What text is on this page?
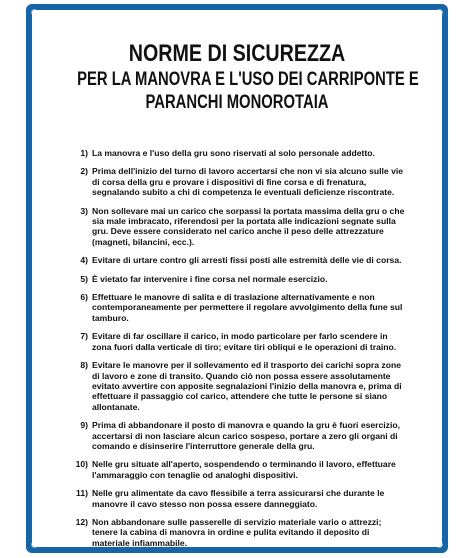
NORME DI SICUREZZA
PER LA MANOVRA E L'USO DEI CARRIPONTE E
PARANCHI MONOROTAIA
1) La manovra e l'uso della gru sono riservati al solo personale addetto.
2) Prima dell'inizio del turno di lavoro accertarsi che non vi sia alcuno sulle vie di corsa della gru e provare i dispositivi di fine corsa e di frenatura, segnalando subito a chi di competenza le eventuali deficienze riscontrate.
3) Non sollevare mai un carico che sorpassi la portata massima della gru o che sia male imbracato, riferendosi per la portata alle indicazioni segnate sulla gru. Deve essere considerato nel carico anche il peso delle attrezzature (magneti, bilancini, ecc.).
4) Evitare di urtare contro gli arresti fissi posti alle estremità delle vie di corsa.
5) È vietato far intervenire i fine corsa nel normale esercizio.
6) Effettuare le manovre di salita e di traslazione alternativamente e non contemporaneamente per permettere il regolare avvolgimento della fune sul tamburo.
7) Evitare di far oscillare il carico, in modo particolare per farlo scendere in zona fuori dalla verticale di tiro; evitare tiri obliqui e le operazioni di traino.
8) Evitare le manovre per il sollevamento ed il trasporto dei carichi sopra zone di lavoro e zone di transito. Quando ciò non possa essere assolutamente evitato avvertire con apposite segnalazioni l'inizio della manovra e, prima di effettuare il passaggio col carico, attendere che tutte le persone si siano allontanate.
9) Prima di abbandonare il posto di manovra e quando la gru è fuori esercizio, accertarsi di non lasciare alcun carico sospeso, portare a zero gli organi di comando e disinserire l'interruttore generale della gru.
10) Nelle gru situate all'aperto, sospendendo o terminando il lavoro, effettuare l'ammaraggio con tenaglie od analoghi dispositivi.
11) Nelle gru alimentate da cavo flessibile a terra assicurarsi che durante le manovre il cavo stesso non possa essere danneggiato.
12) Non abbandonare sulle passerelle di servizio materiale vario o attrezzi; tenere la cabina di manovra in ordine e pulita evitando il deposito di materiale infiammabile.
